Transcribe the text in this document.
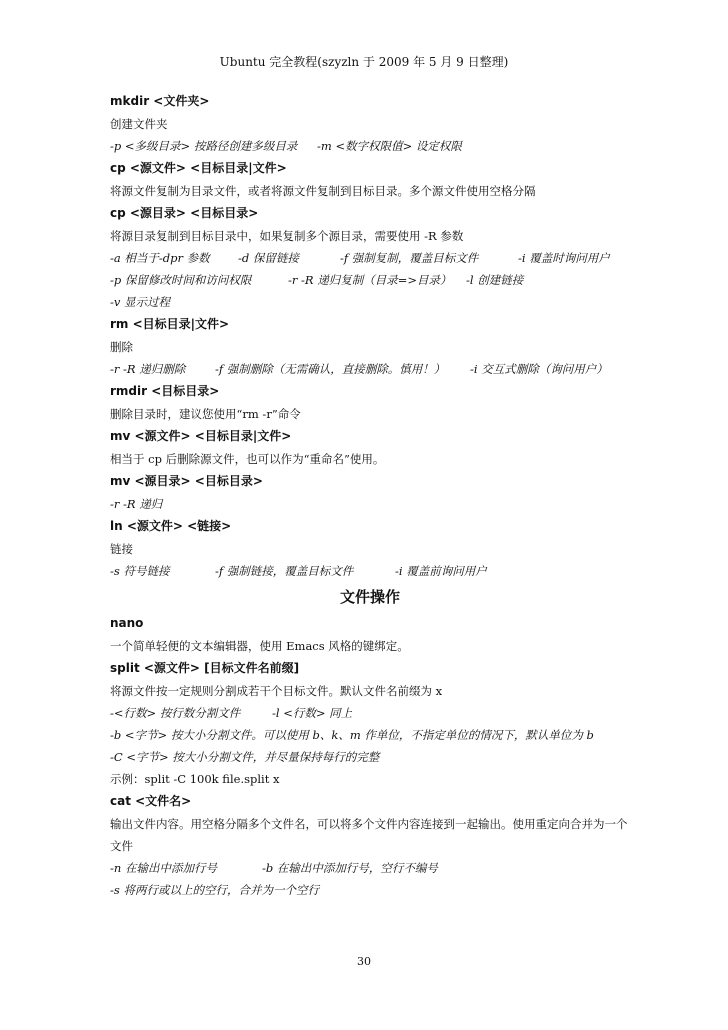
Ubuntu 完全教程(szyzln 于 2009 年 5 月 9 日整理)
mkdir <文件夹>
创建文件夹
-p <多级目录> 按路径创建多级目录 -m <数字权限值> 设定权限
cp <源文件> <目标目录|文件>
将源文件复制为目录文件，或者将源文件复制到目标目录。多个源文件使用空格分隔
cp <源目录> <目标目录>
将源目录复制到目标目录中，如果复制多个源目录，需要使用 -R 参数
-a 相当于-dpr 参数 -d 保留链接	-f 强制复制，覆盖目标文件	-i 覆盖时询问用户
-p 保留修改时间和访问权限	-r -R 递归复制（目录=>目录） -l 创建链接
-v 显示过程
rm <目标目录|文件>
删除
-r -R 递归删除	-f 强制删除（无需确认，直接删除。慎用！） -i 交互式删除（询问用户）
rmdir <目标目录>
删除目录时，建议您使用“rm -r”命令
mv <源文件> <目标目录|文件>
相当于 cp 后删除源文件，也可以作为“重命名”使用。
mv <源目录> <目标目录>
-r -R 递归
ln <源文件> <链接>
链接
-s 符号链接	-f 强制链接，覆盖目标文件	-i 覆盖前询问用户
文件操作
nano
一个简单轻便的文本编辑器，使用 Emacs 风格的键绑定。
split <源文件> [目标文件名前缀]
将源文件按一定规则分割成若干个目标文件。默认文件名前缀为 x
-<行数> 按行数分割文件	-l <行数> 同上
-b <字节> 按大小分割文件。可以使用 b、k、m 作单位，不指定单位的情况下，默认单位为 b
-C <字节> 按大小分割文件，并尽量保持每行的完整
示例：split -C 100k file.split x
cat <文件名>
输出文件内容。用空格分隔多个文件名，可以将多个文件内容连接到一起输出。使用重定向合并为一个文件
-n 在输出中添加行号	-b 在输出中添加行号，空行不编号
-s 将两行或以上的空行，合并为一个空行
30
